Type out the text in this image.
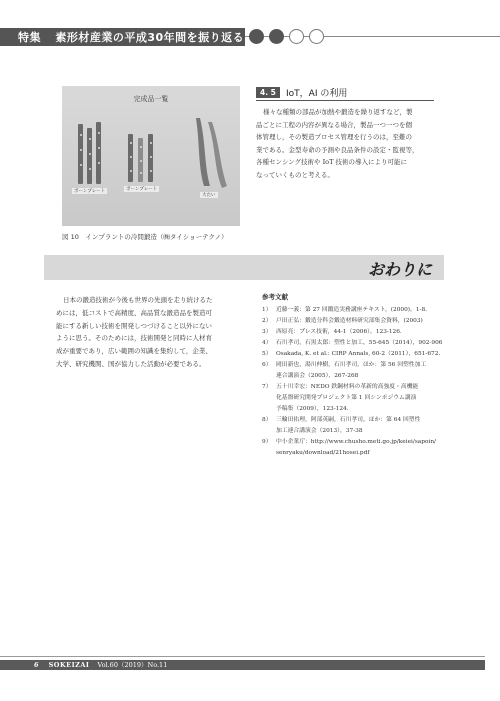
特集 素形材産業の平成30年間を振り返る
完成品一覧
ボーンプレート	ボーンプレート
大たい
図 10　インプラントの冷間鍛造（㈱タイショーテクノ）
4. 5	IoT，AI の利用
様々な種類の部品が加熱や鍛造を繰り返すなど，製
品ごとに工程の内容が異なる場合，製品一つ一つを個
体管理し，その製造プロセス管理を行うのは，至難の
業である。金型寿命の予測や良品条件の設定・監視等，
各種センシング技術や IoT 技術の導入により可能に
なっていくものと考える。
おわりに
日本の鍛造技術が今後も世界の先頭を走り続けるた
めには，低コストで高精度、高品質な鍛造品を製造可
能にする新しい技術を開発しつづけること以外にない
ように思う。そのためには，技術開発と同時に人材育
成が重要であり，広い範囲の知識を集約して，企業、
大学、研究機関、国が協力した活動が必要である。
参考文献
1） 近藤一義：第 27 回鍛造実務講座テキスト，(2000)，1-8.
2） 戸田正弘：鍛造分科会鍛造材料研究部集会資料，(2003)
3） 西原亮：プレス技術，44-1（2006），123-126.
4） 石川孝司，石黒太郎：塑性と加工，55-645（2014），902-906
5） Osakada, K. et al.: CIRP Annals, 60-2（2011），651-672.
6） 岡田新也，湯川伸樹，石川孝司，ほか：第 56 回塑性加工
連合講演会（2005），267-268
7） 五十川幸宏：NEDO 鉄鋼材料の革新的高強度・高機能
化基盤研究開発プロジェクト第 1 回シンポジウム講演
予稿集（2009），123-124.
8） 三輪田佑理，阿部英嗣，石川孝司，ほか：第 64 回塑性
加工連合講演会（2013），37-38
9） 中小企業庁：http://www.chusho.meti.go.jp/keiei/sapoin/
senryaku/download/21hosei.pdf
6 SOKEIZAI Vol.60（2019）No.11
